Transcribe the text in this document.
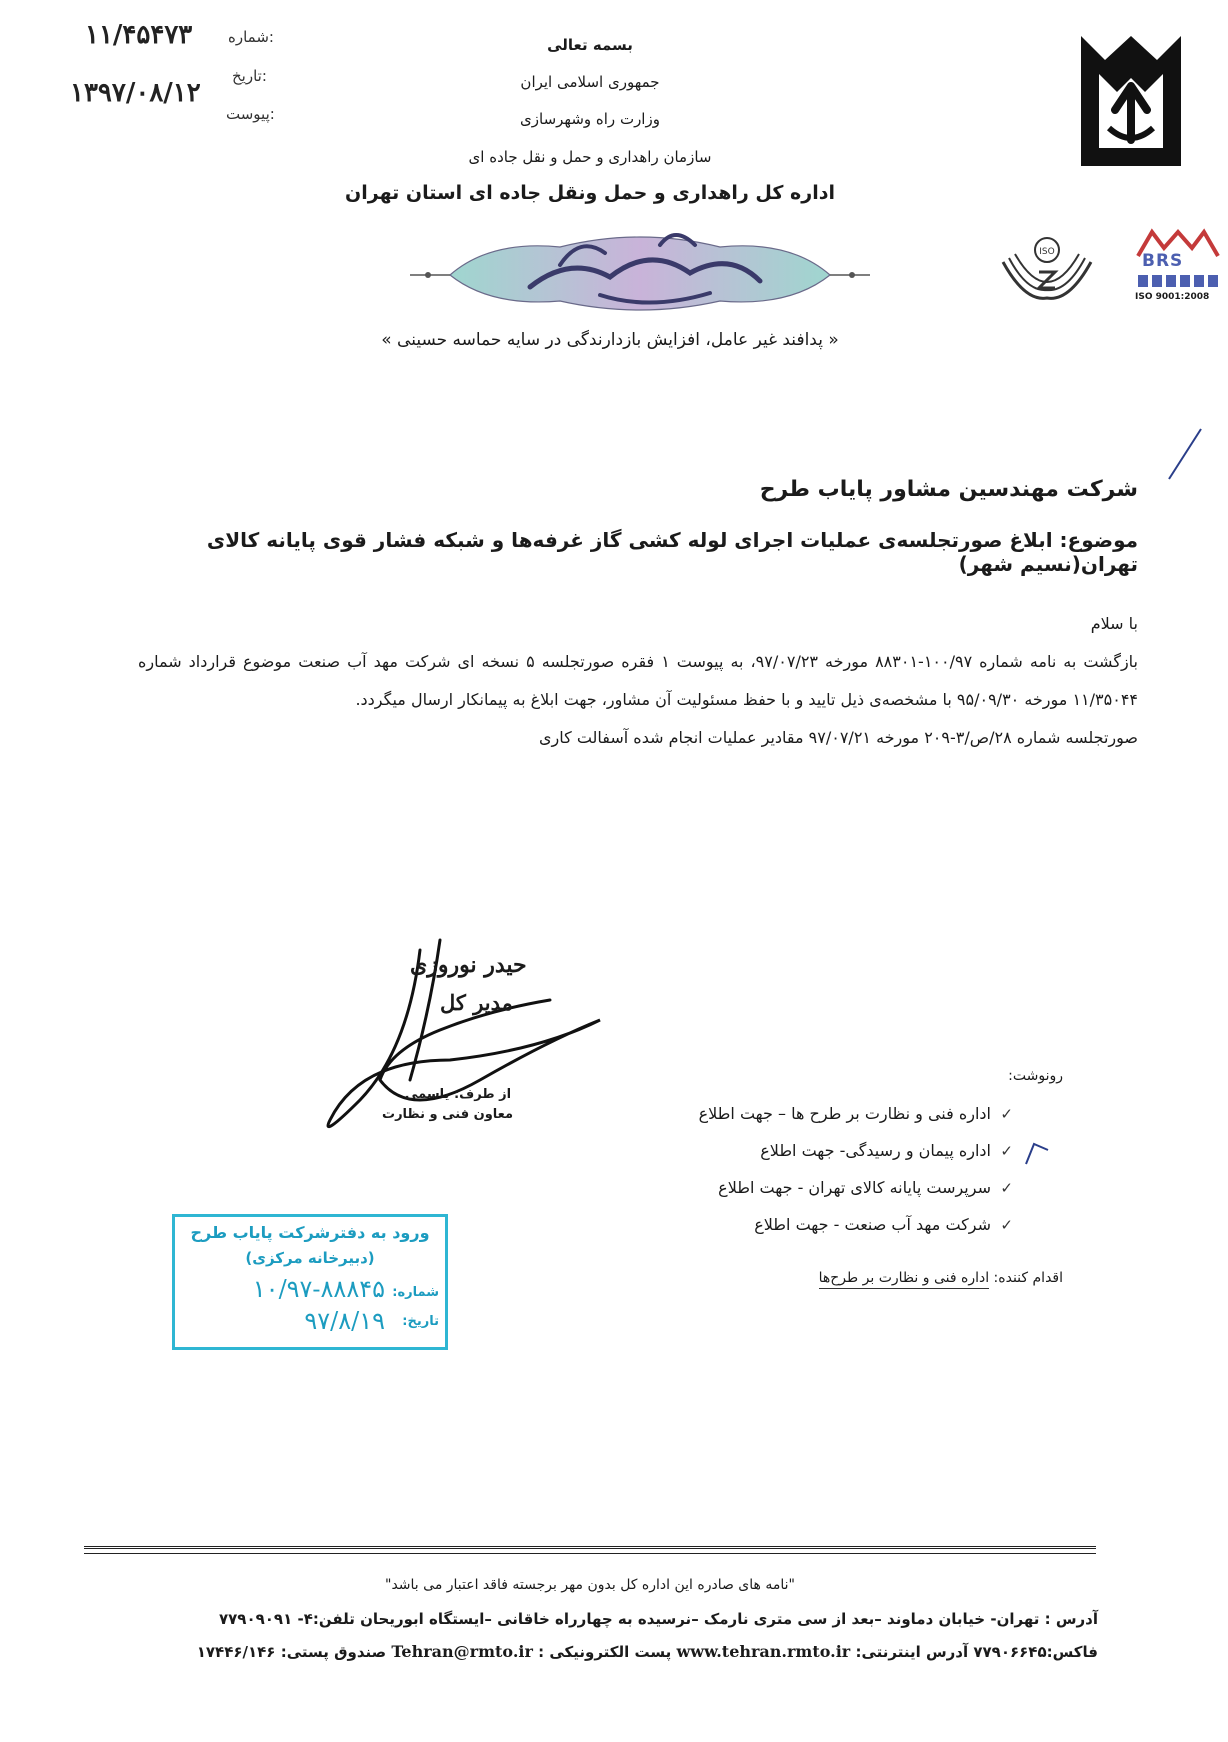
شماره:
۱۱/۴۵۴۷۳
تاریخ:
۱۳۹۷/۰۸/۱۲
پیوست:
بسمه تعالی
جمهوری اسلامی ایران
وزارت راه وشهرسازی
سازمان راهداری و حمل و نقل جاده ای
اداره کل راهداری و حمل ونقل جاده ای استان تهران
« پدافند غیر عامل، افزایش بازدارندگی در سایه حماسه حسینی »
ISO	BRS
ISO 9001:2008
شرکت مهندسین مشاور پایاب طرح
موضوع: ابلاغ صورتجلسه‌ی عملیات اجرای لوله کشی گاز غرفه‌ها و شبکه فشار قوی پایانه کالای تهران(نسیم شهر)

با سلام

بازگشت به نامه شماره ۱۰۰/۹۷-۸۸۳۰۱ مورخه ۹۷/۰۷/۲۳، به پیوست ۱ فقره صورتجلسه ۵ نسخه ای شرکت مهد آب صنعت موضوع قرارداد شماره ۱۱/۳۵۰۴۴ مورخه ۹۵/۰۹/۳۰ با مشخصه‌ی ذیل تایید و با حفظ مسئولیت آن مشاور، جهت ابلاغ به پیمانکار ارسال میگردد.

صورتجلسه شماره ۲۸/ص/۳-۲۰۹ مورخه ۹۷/۰۷/۲۱ مقادیر عملیات انجام شده آسفالت کاری

حیدر نوروزی
مدیر کل
از طرف: یاسمی
معاون فنی و نظارت
رونوشت:
✓اداره فنی و نظارت بر طرح ها – جهت اطلاع
✓اداره پیمان و رسیدگی- جهت اطلاع
✓سرپرست پایانه کالای تهران - جهت اطلاع
✓شرکت مهد آب صنعت - جهت اطلاع
اقدام کننده: اداره فنی و نظارت بر طرح‌ها
ورود به دفترشرکت پایاب طرح
(دبیرخانه مرکزی)
شماره:
۱۰/۹۷-۸۸۸۴۵
تاریخ:
۹۷/۸/۱۹
"نامه های صادره این اداره کل بدون مهر برجسته فاقد اعتبار می باشد"
آدرس : تهران- خیابان دماوند –بعد از سی متری نارمک –نرسیده به چهارراه خاقانی –ایستگاه ابوریحان تلفن:۴- ۷۷۹۰۹۰۹۱
فاکس:۷۷۹۰۶۶۴۵ آدرس اینترنتی: www.tehran.rmto.ir پست الکترونیکی : Tehran@rmto.ir صندوق پستی: ۱۷۴۴۶/۱۴۶
